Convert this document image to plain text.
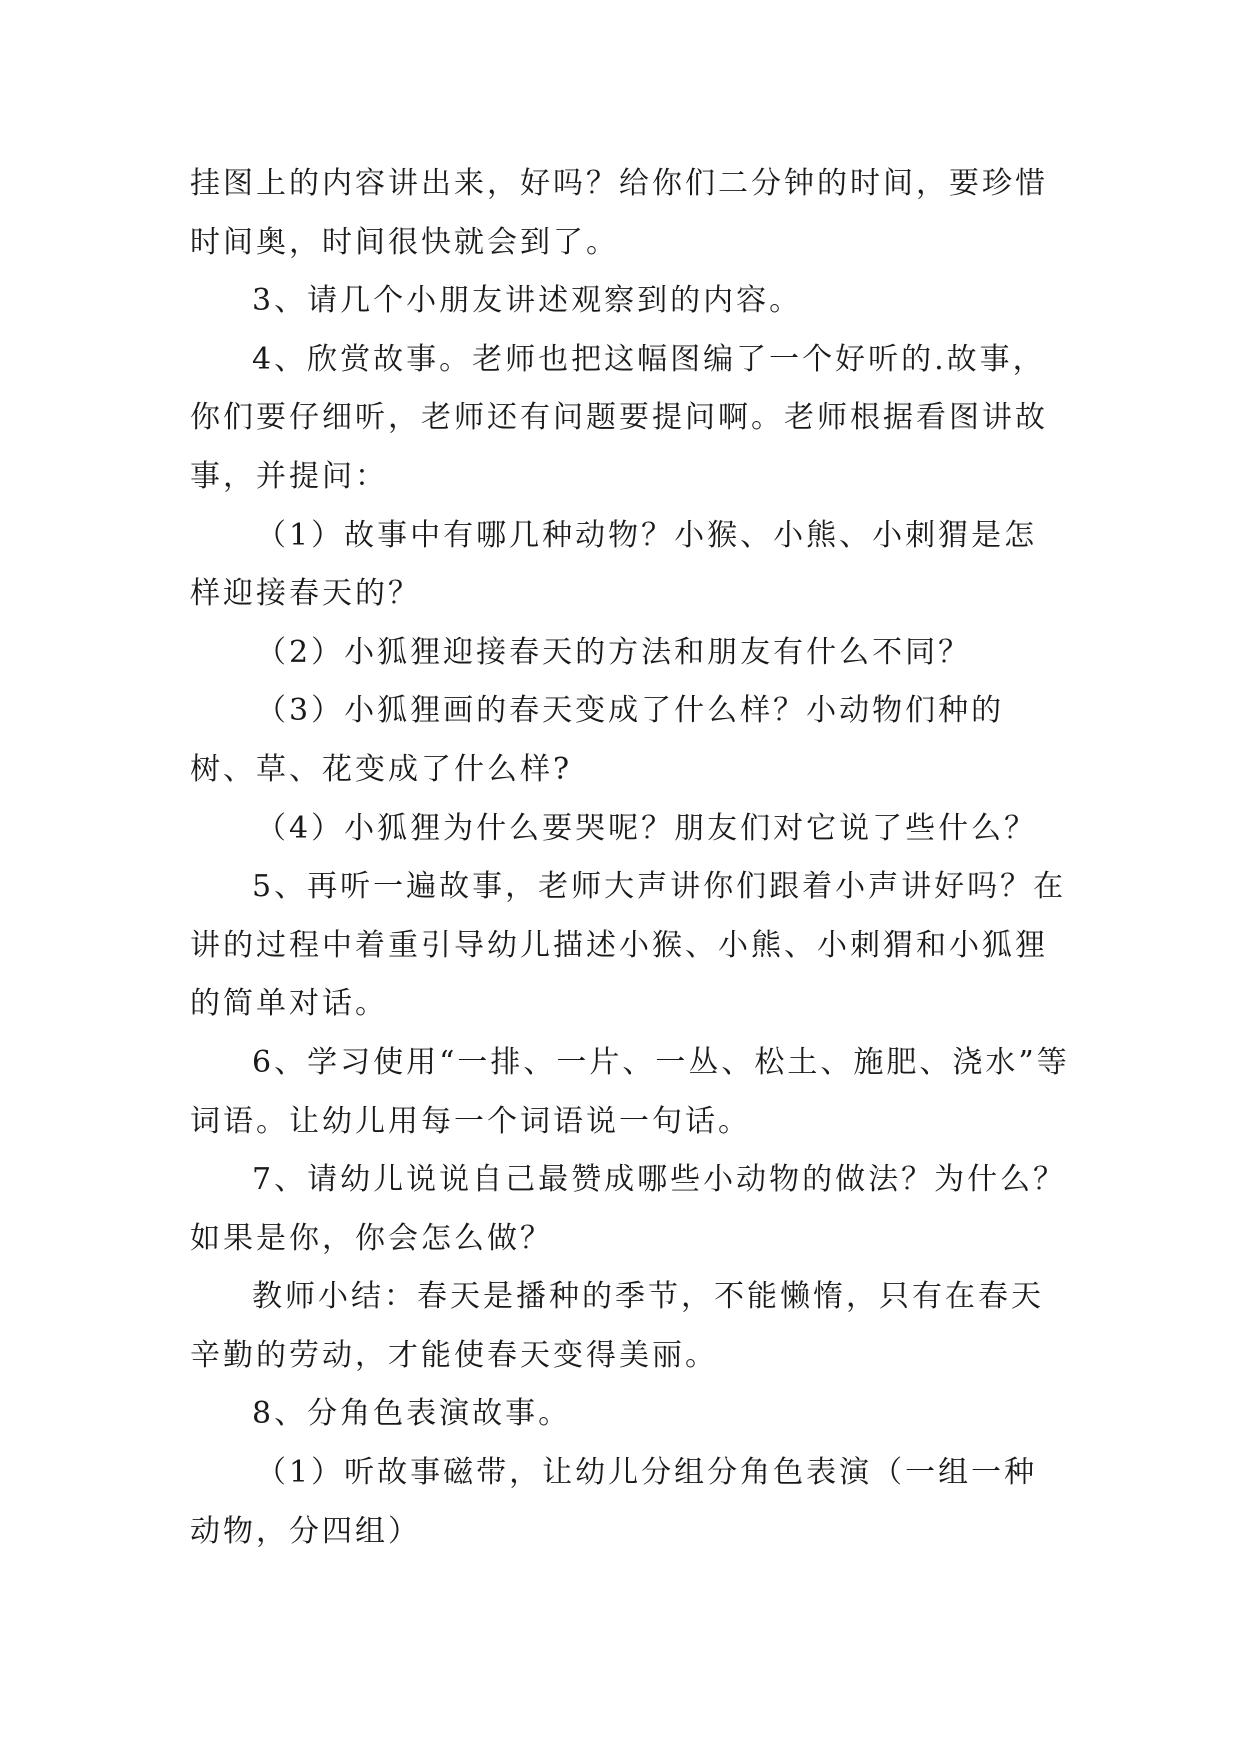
挂图上的内容讲出来，好吗？给你们二分钟的时间，要珍惜时间奥，时间很快就会到了。

3、请几个小朋友讲述观察到的内容。

4、欣赏故事。老师也把这幅图编了一个好听的.故事，你们要仔细听，老师还有问题要提问啊。老师根据看图讲故事，并提问：

（1）故事中有哪几种动物？小猴、小熊、小刺猬是怎样迎接春天的？

（2）小狐狸迎接春天的方法和朋友有什么不同？

（3）小狐狸画的春天变成了什么样？小动物们种的树、草、花变成了什么样?

（4）小狐狸为什么要哭呢？朋友们对它说了些什么？

5、再听一遍故事，老师大声讲你们跟着小声讲好吗？在讲的过程中着重引导幼儿描述小猴、小熊、小刺猬和小狐狸的简单对话。

6、学习使用“一排、一片、一丛、松土、施肥、浇水”等词语。让幼儿用每一个词语说一句话。

7、请幼儿说说自己最赞成哪些小动物的做法？为什么？如果是你，你会怎么做？

教师小结：春天是播种的季节，不能懒惰，只有在春天辛勤的劳动，才能使春天变得美丽。

8、分角色表演故事。

（1）听故事磁带，让幼儿分组分角色表演（一组一种动物，分四组）
